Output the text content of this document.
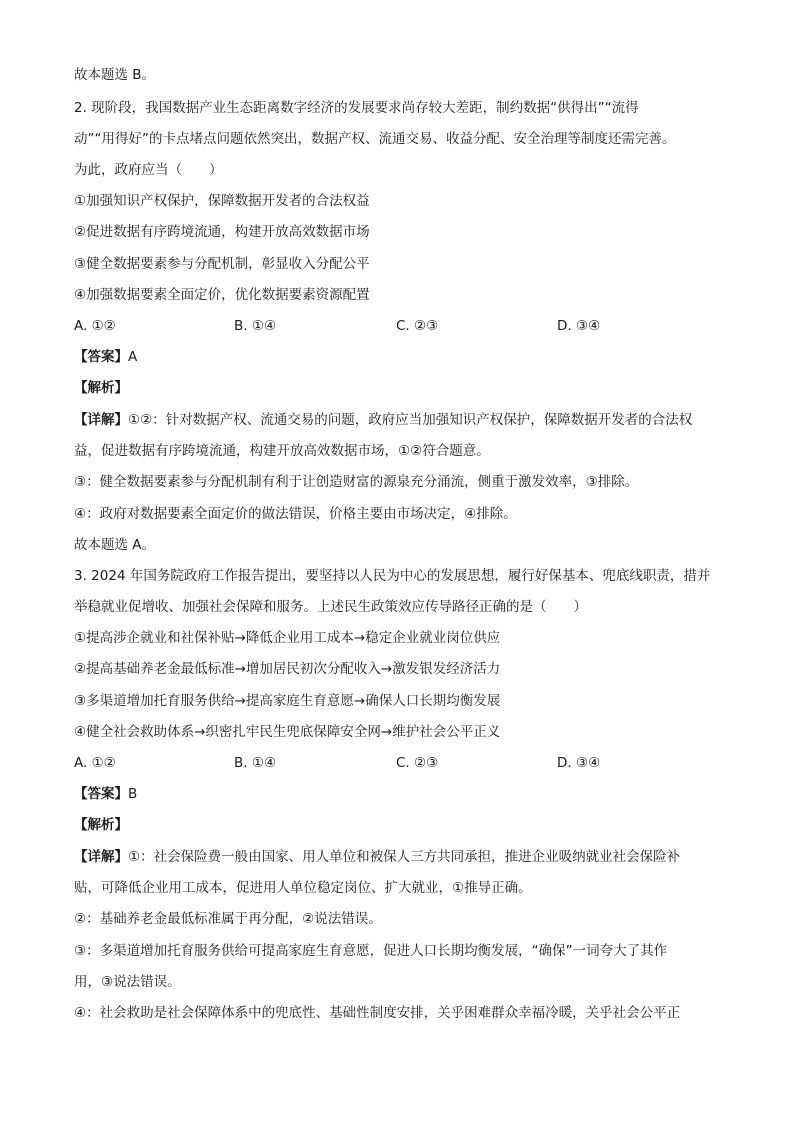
故本题选 B。
2. 现阶段，我国数据产业生态距离数字经济的发展要求尚存较大差距，制约数据“供得出”“流得
动”“用得好”的卡点堵点问题依然突出，数据产权、流通交易、收益分配、安全治理等制度还需完善。
为此，政府应当（　　）
①加强知识产权保护，保障数据开发者的合法权益
②促进数据有序跨境流通，构建开放高效数据市场
③健全数据要素参与分配机制，彰显收入分配公平
④加强数据要素全面定价，优化数据要素资源配置
A. ①②	B. ①④	C. ②③	D. ③④
【答案】A
【解析】
【详解】①②：针对数据产权、流通交易的问题，政府应当加强知识产权保护，保障数据开发者的合法权
益，促进数据有序跨境流通，构建开放高效数据市场，①②符合题意。
③：健全数据要素参与分配机制有利于让创造财富的源泉充分涌流，侧重于激发效率，③排除。
④：政府对数据要素全面定价的做法错误，价格主要由市场决定，④排除。
故本题选 A。
3. 2024 年国务院政府工作报告提出，要坚持以人民为中心的发展思想，履行好保基本、兜底线职责，措并
举稳就业促增收、加强社会保障和服务。上述民生政策效应传导路径正确的是（　　）
①提高涉企就业和社保补贴→降低企业用工成本→稳定企业就业岗位供应
②提高基础养老金最低标准→增加居民初次分配收入→激发银发经济活力
③多渠道增加托育服务供给→提高家庭生育意愿→确保人口长期均衡发展
④健全社会救助体系→织密扎牢民生兜底保障安全网→维护社会公平正义
A. ①②	B. ①④	C. ②③	D. ③④
【答案】B
【解析】
【详解】①：社会保险费一般由国家、用人单位和被保人三方共同承担，推进企业吸纳就业社会保险补
贴，可降低企业用工成本，促进用人单位稳定岗位、扩大就业，①推导正确。
②：基础养老金最低标准属于再分配，②说法错误。
③：多渠道增加托育服务供给可提高家庭生育意愿，促进人口长期均衡发展，“确保”一词夸大了其作
用，③说法错误。
④：社会救助是社会保障体系中的兜底性、基础性制度安排，关乎困难群众幸福冷暖，关乎社会公平正
